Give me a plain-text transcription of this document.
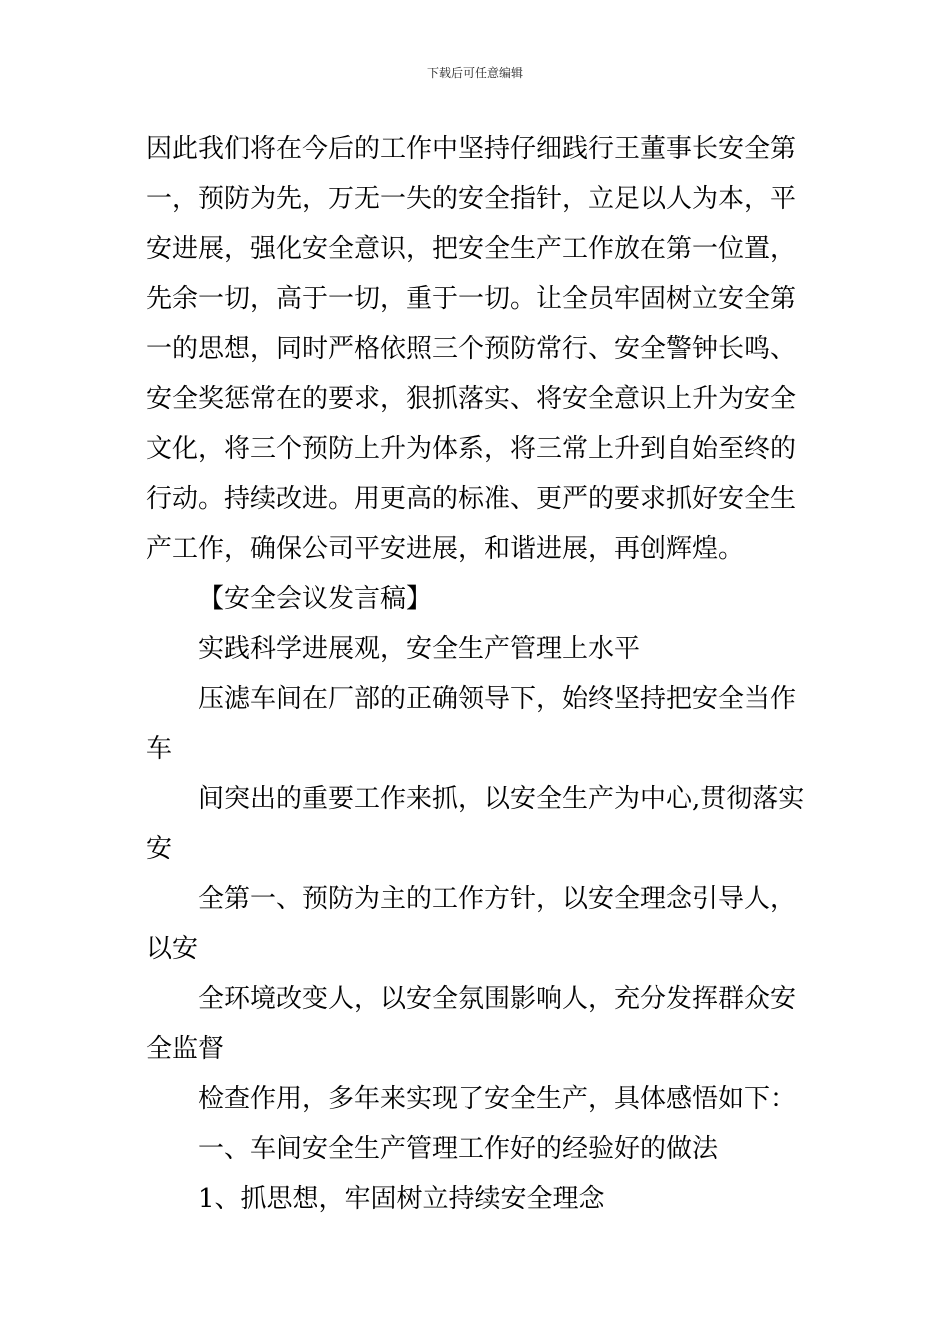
下载后可任意编辑
因此我们将在今后的工作中坚持仔细践行王董事长安全第
一，预防为先，万无一失的安全指针，立足以人为本，平
安进展，强化安全意识，把安全生产工作放在第一位置，
先余一切，高于一切，重于一切。让全员牢固树立安全第
一的思想，同时严格依照三个预防常行、安全警钟长鸣、
安全奖惩常在的要求，狠抓落实、将安全意识上升为安全
文化，将三个预防上升为体系，将三常上升到自始至终的
行动。持续改进。用更高的标准、更严的要求抓好安全生
产工作，确保公司平安进展，和谐进展，再创辉煌。
【安全会议发言稿】
实践科学进展观，安全生产管理上水平
压滤车间在厂部的正确领导下，始终坚持把安全当作
车
间突出的重要工作来抓，以安全生产为中心,贯彻落实
安
全第一、预防为主的工作方针，以安全理念引导人，
以安
全环境改变人，以安全氛围影响人，充分发挥群众安
全监督
检查作用，多年来实现了安全生产，具体感悟如下：
一、车间安全生产管理工作好的经验好的做法
1、抓思想，牢固树立持续安全理念
